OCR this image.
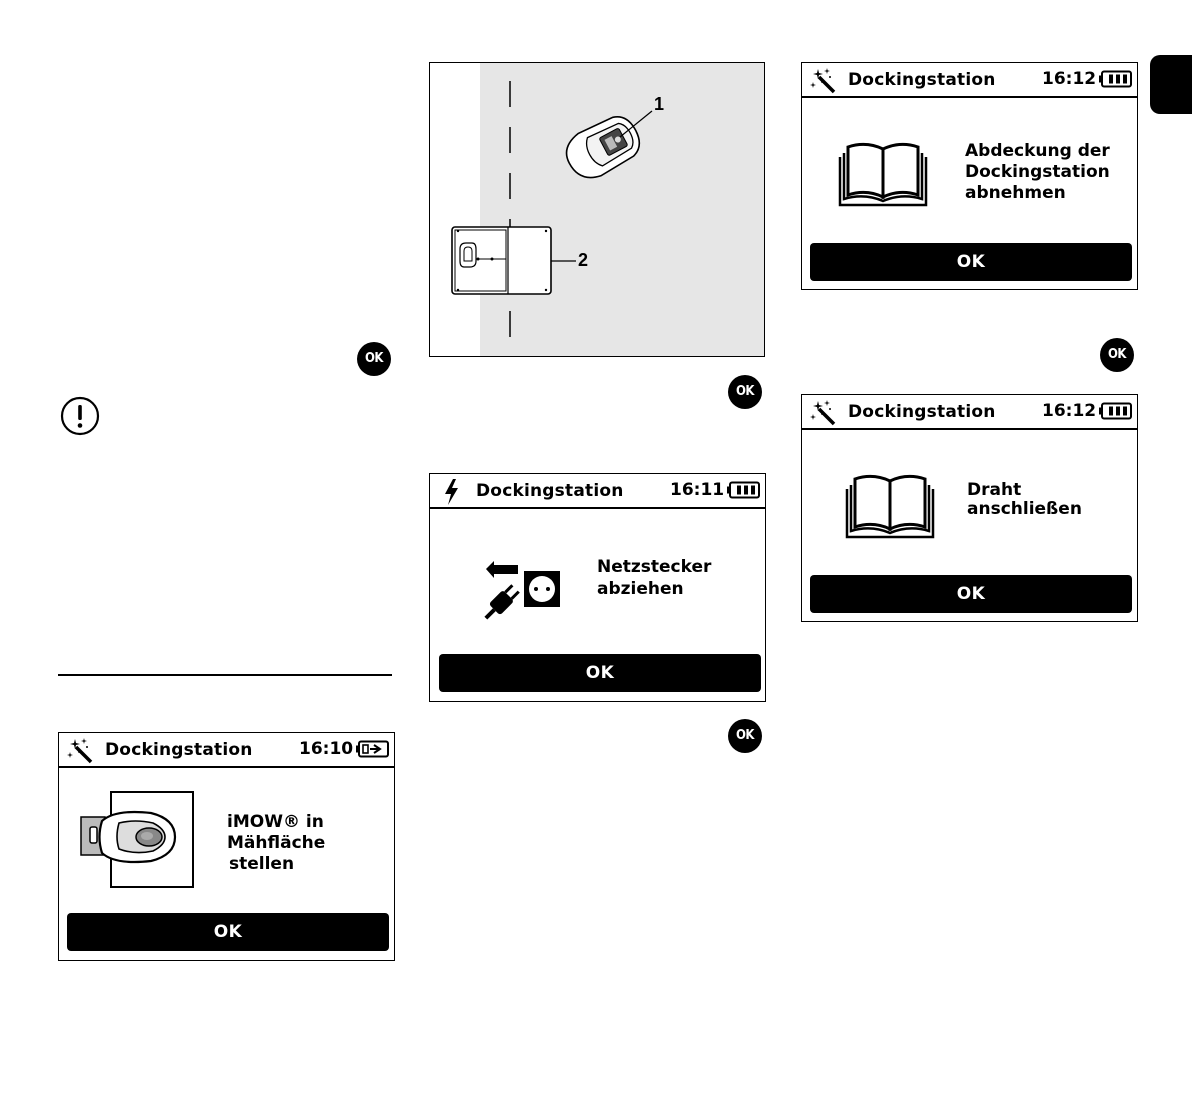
OK
Dockingstation	16:10
iMOW® in
Mähfläche
stellen
OK
1
2
OK
Dockingstation	16:11
Netzstecker
abziehen
OK
OK
Dockingstation	16:12
Abdeckung der
Dockingstation
abnehmen
OK
OK
Dockingstation	16:12
Draht
anschließen
OK
